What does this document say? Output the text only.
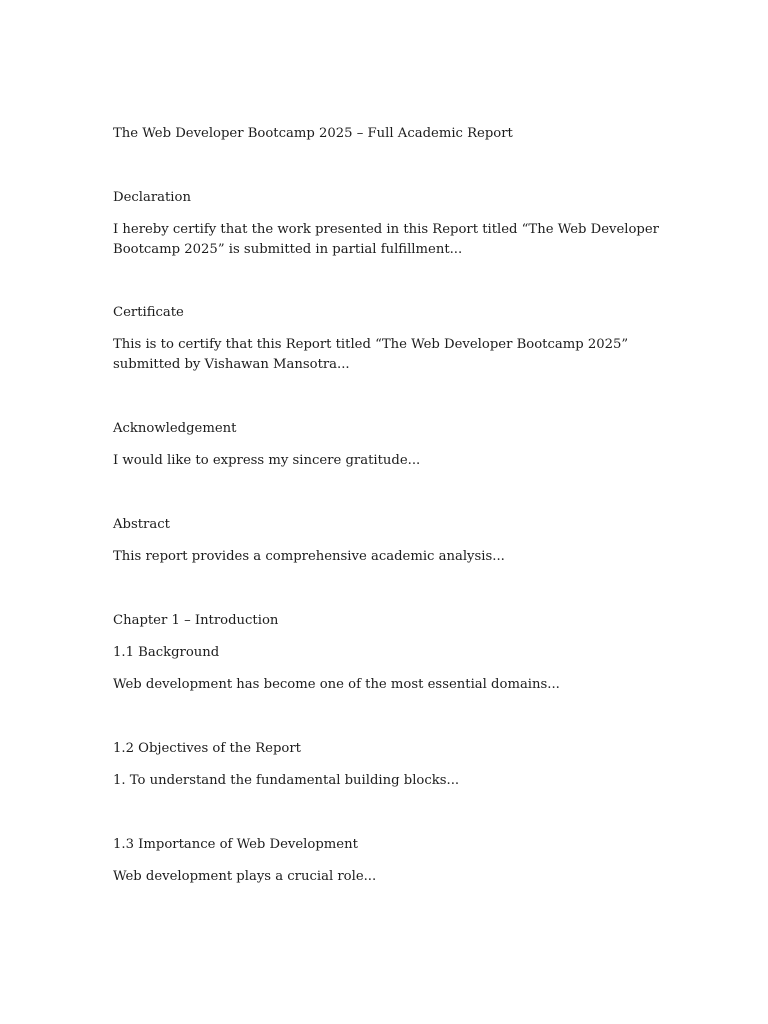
The Web Developer Bootcamp 2025 – Full Academic Report

Declaration

I hereby certify that the work presented in this Report titled “The Web Developer Bootcamp 2025” is submitted in partial fulfillment...

Certificate

This is to certify that this Report titled “The Web Developer Bootcamp 2025” submitted by Vishawan Mansotra...

Acknowledgement

I would like to express my sincere gratitude...

Abstract

This report provides a comprehensive academic analysis...

Chapter 1 – Introduction

1.1 Background

Web development has become one of the most essential domains...

1.2 Objectives of the Report

1. To understand the fundamental building blocks...

1.3 Importance of Web Development

Web development plays a crucial role...
